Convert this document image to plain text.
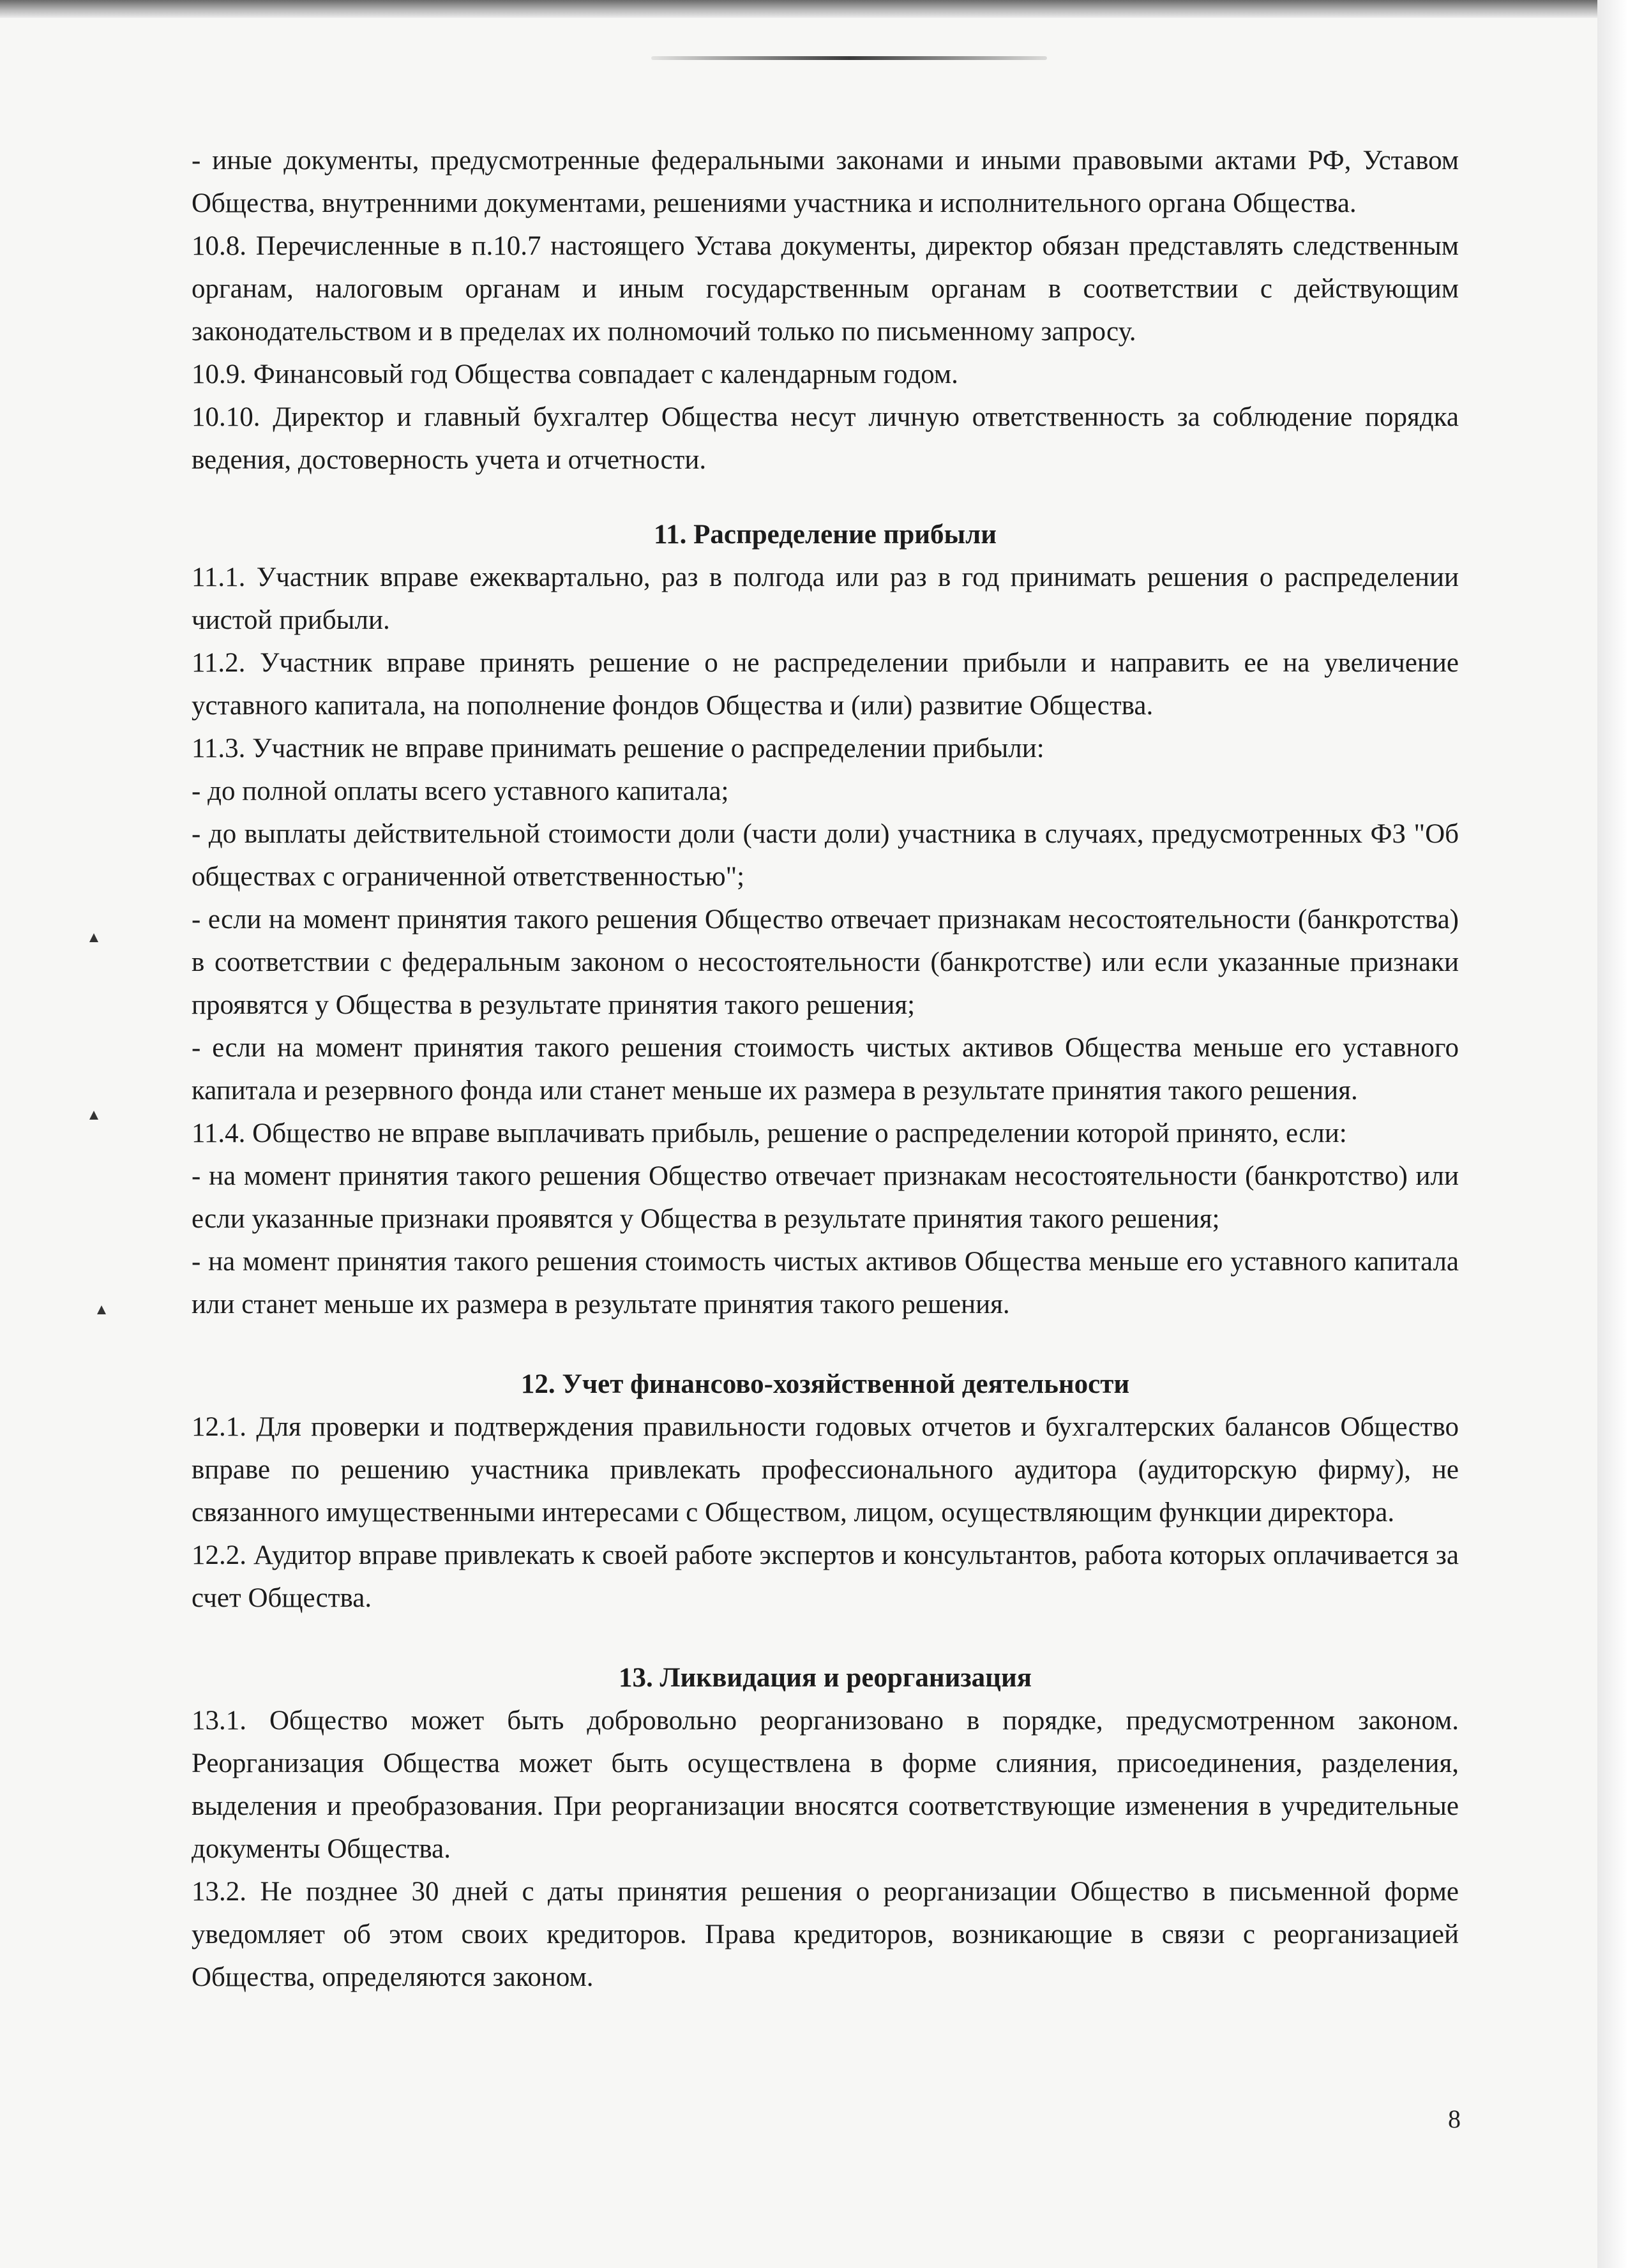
- иные документы, предусмотренные федеральными законами и иными правовыми актами РФ, Уставом Общества, внутренними документами, решениями участника и исполнительного органа Общества.

10.8. Перечисленные в п.10.7 настоящего Устава документы, директор обязан представлять следственным органам, налоговым органам и иным государственным органам в соответствии с действующим законодательством и в пределах их полномочий только по письменному запросу.

10.9. Финансовый год Общества совпадает с календарным годом.

10.10. Директор и главный бухгалтер Общества несут личную ответственность за соблюдение порядка ведения, достоверность учета и отчетности.

11. Распределение прибыли

11.1. Участник вправе ежеквартально, раз в полгода или раз в год принимать решения о распределении чистой прибыли.

11.2. Участник вправе принять решение о не распределении прибыли и направить ее на увеличение уставного капитала, на пополнение фондов Общества и (или) развитие Общества.

11.3. Участник не вправе принимать решение о распределении прибыли:

- до полной оплаты всего уставного капитала;

- до выплаты действительной стоимости доли (части доли) участника в случаях, предусмотренных ФЗ "Об обществах с ограниченной ответственностью";

- если на момент принятия такого решения Общество отвечает признакам несостоятельности (банкротства) в соответствии с федеральным законом о несостоятельности (банкротстве) или если указанные признаки проявятся у Общества в результате принятия такого решения;

- если на момент принятия такого решения стоимость чистых активов Общества меньше его уставного капитала и резервного фонда или станет меньше их размера в результате принятия такого решения.

11.4. Общество не вправе выплачивать прибыль, решение о распределении которой принято, если:

- на момент принятия такого решения Общество отвечает признакам несостоятельности (банкротство) или если указанные признаки проявятся у Общества в результате принятия такого решения;

- на момент принятия такого решения стоимость чистых активов Общества меньше его уставного капитала или станет меньше их размера в результате принятия такого решения.

12. Учет финансово-хозяйственной деятельности

12.1. Для проверки и подтверждения правильности годовых отчетов и бухгалтерских балансов Общество вправе по решению участника привлекать профессионального аудитора (аудиторскую фирму), не связанного имущественными интересами с Обществом, лицом, осуществляющим функции директора.

12.2. Аудитор вправе привлекать к своей работе экспертов и консультантов, работа которых оплачивается за счет Общества.

13. Ликвидация и реорганизация

13.1. Общество может быть добровольно реорганизовано в порядке, предусмотренном законом. Реорганизация Общества может быть осуществлена в форме слияния, присоединения, разделения, выделения и преобразования. При реорганизации вносятся соответствующие изменения в учредительные документы Общества.

13.2. Не позднее 30 дней с даты принятия решения о реорганизации Общество в письменной форме уведомляет об этом своих кредиторов. Права кредиторов, возникающие в связи с реорганизацией Общества, определяются законом.

8
